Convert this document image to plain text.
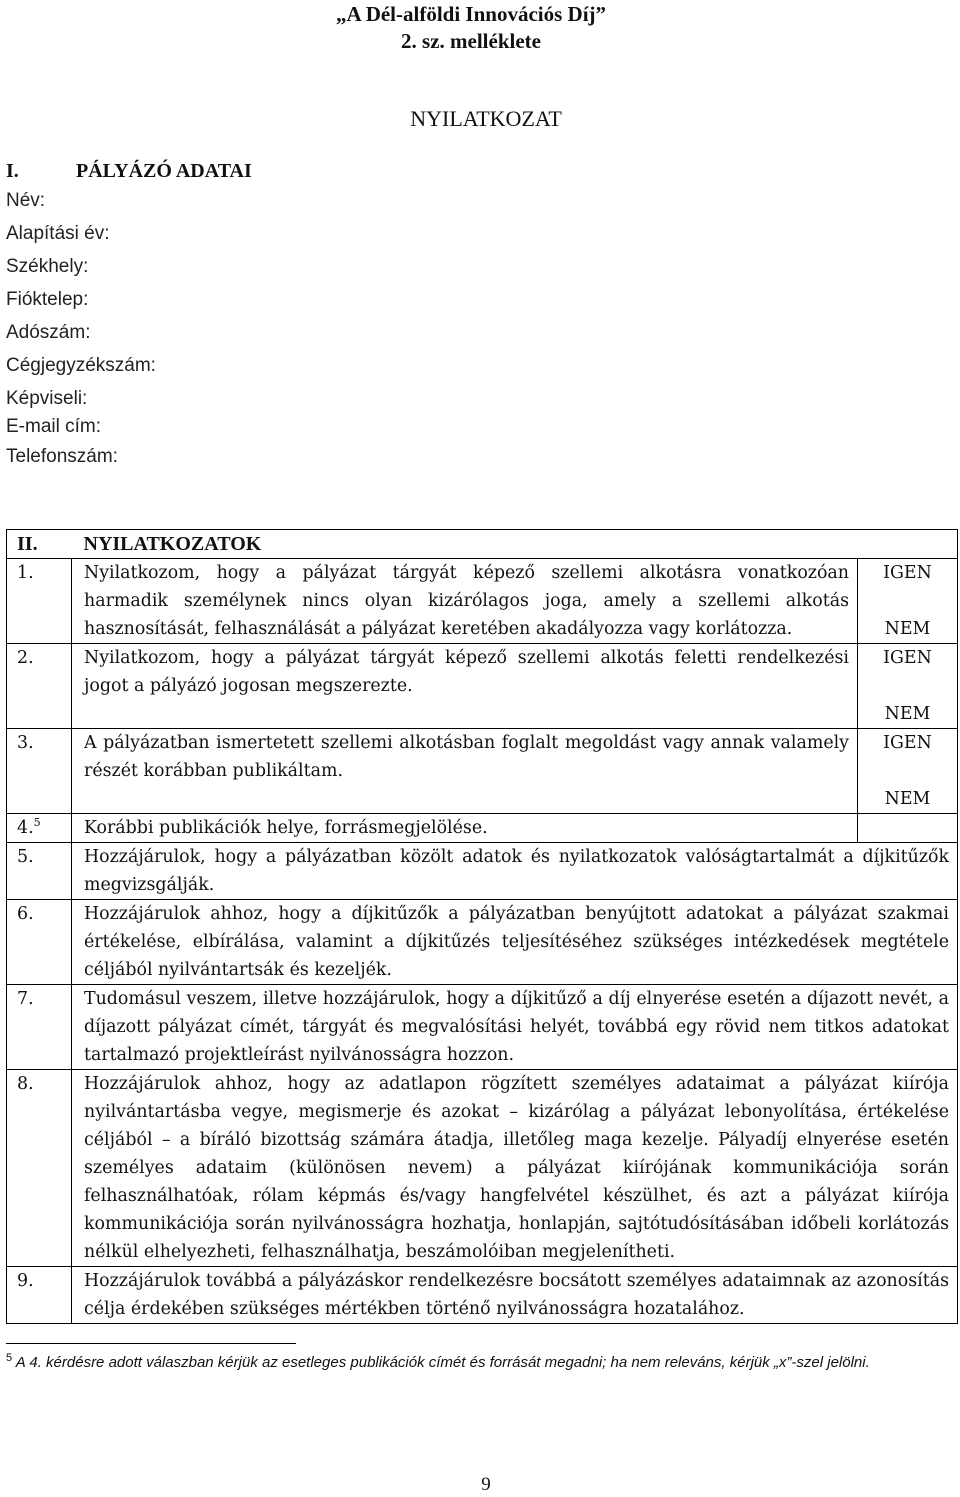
„A Dél-alföldi Innovációs Díj”
2. sz. melléklete
NYILATKOZAT
I.	PÁLYÁZÓ ADATAI
Név:
Alapítási év:
Székhely:
Fióktelep:
Adószám:
Cégjegyzékszám:
Képviseli:
E-mail cím:
Telefonszám:
II.	NYILATKOZATOK	
1.	Nyilatkozom, hogy a pályázat tárgyát képező szellemi alkotásra vonatkozóan harmadik személynek nincs olyan kizárólagos joga, amely a szellemi alkotás hasznosítását, felhasználását a pályázat keretében akadályozza vagy korlátozza.	IGEN
NEM

2.	Nyilatkozom, hogy a pályázat tárgyát képező szellemi alkotás feletti rendelkezési jogot a pályázó jogosan megszerezte.	IGEN
NEM

3.	A pályázatban ismertetett szellemi alkotásban foglalt megoldást vagy annak valamely részét korábban publikáltam.	IGEN
NEM

4.$^5$	Korábbi publikációk helye, forrásmegjelölése.	
5.	Hozzájárulok, hogy a pályázatban közölt adatok és nyilatkozatok valóságtartalmát a díjkitűzők megvizsgálják.	
6.	Hozzájárulok ahhoz, hogy a díjkitűzők a pályázatban benyújtott adatokat a pályázat szakmai értékelése, elbírálása, valamint a díjkitűzés teljesítéséhez szükséges intézkedések megtétele céljából nyilvántartsák és kezeljék.	
7.	Tudomásul veszem, illetve hozzájárulok, hogy a díjkitűző a díj elnyerése esetén a díjazott nevét, a díjazott pályázat címét, tárgyát és megvalósítási helyét, továbbá egy rövid nem titkos adatokat tartalmazó projektleírást nyilvánosságra hozzon.	
8.	Hozzájárulok ahhoz, hogy az adatlapon rögzített személyes adataimat a pályázat kiírója nyilvántartásba vegye, megismerje és azokat – kizárólag a pályázat lebonyolítása, értékelése céljából – a bíráló bizottság számára átadja, illetőleg maga kezelje. Pályadíj elnyerése esetén személyes adataim (különösen nevem) a pályázat kiírójának kommunikációja során felhasználhatóak, rólam képmás és/vagy hangfelvétel készülhet, és azt a pályázat kiírója kommunikációja során nyilvánosságra hozhatja, honlapján, sajtótudósításában időbeli korlátozás nélkül elhelyezheti, felhasználhatja, beszámolóiban megjelenítheti.	
9.	Hozzájárulok továbbá a pályázáskor rendelkezésre bocsátott személyes adataimnak az azonosítás célja érdekében szükséges mértékben történő nyilvánosságra hozatalához.	
$^5$ A 4. kérdésre adott válaszban kérjük az esetleges publikációk címét és forrását megadni; ha nem releváns, kérjük „x”-szel jelölni.
9
